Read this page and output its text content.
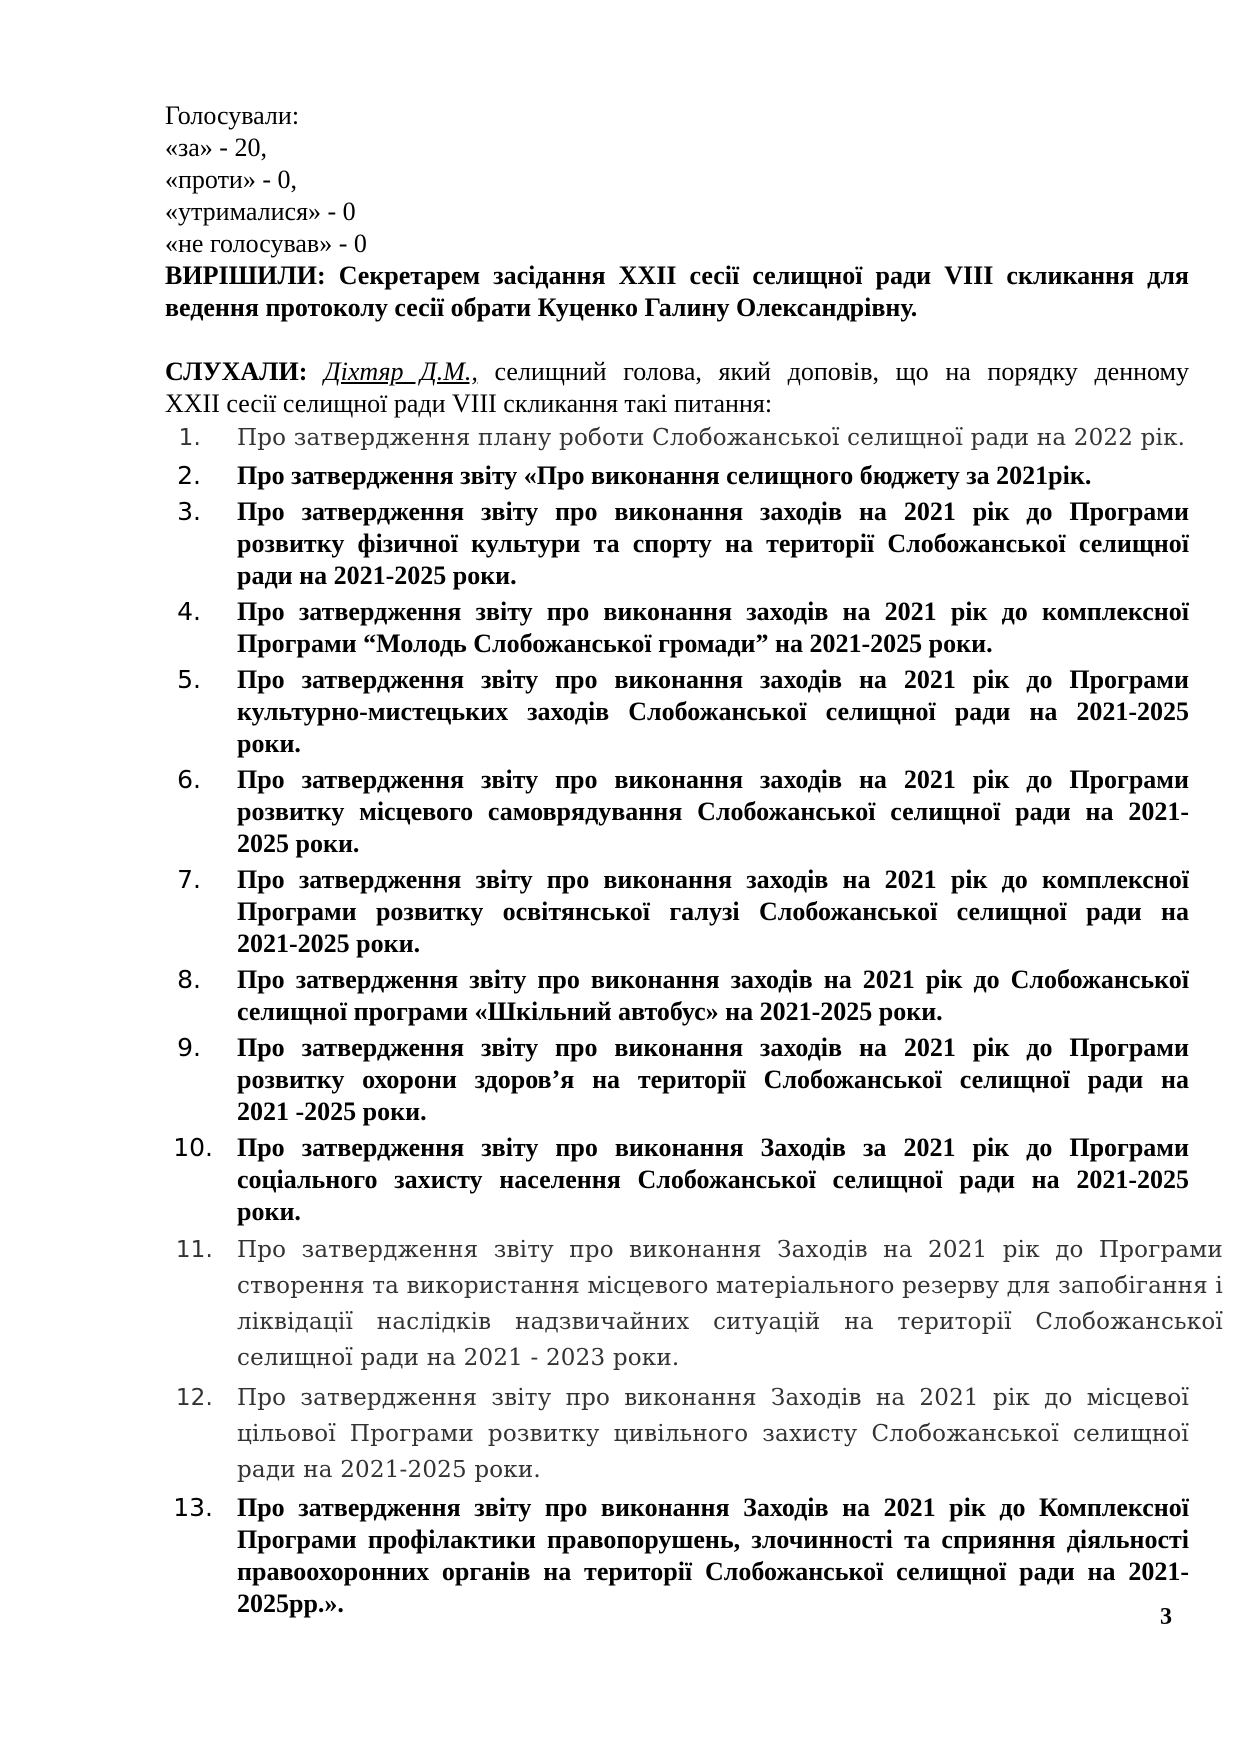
Голосували:
«за» - 20,
«проти» - 0,
«утрималися» - 0
«не голосував» - 0
ВИРІШИЛИ: Секретарем засідання XXII сесії селищної ради VIII скликання для
ведення протоколу сесії обрати Куценко Галину Олександрівну.
СЛУХАЛИ: Діхтяр Д.М., селищний голова, який доповів, що на порядку денному
XXII сесії селищної ради VIII скликання такі питання:
1.	Про затвердження плану роботи Слобожанської селищної ради на 2022 рік.
2.	Про затвердження звіту «Про виконання селищного бюджету за 2021рік.
3.	Про затвердження звіту про виконання заходів на 2021 рік до Програми
розвитку фізичної культури та спорту на території Слобожанської селищної
ради на 2021-2025 роки.
4.	Про затвердження звіту про виконання заходів на 2021 рік до комплексної
Програми “Молодь Слобожанської громади” на 2021-2025 роки.
5.	Про затвердження звіту про виконання заходів на 2021 рік до Програми
культурно-мистецьких заходів Слобожанської селищної ради на 2021-2025
роки.
6.	Про затвердження звіту про виконання заходів на 2021 рік до Програми
розвитку місцевого самоврядування Слобожанської селищної ради на 2021-
2025 роки.
7.	Про затвердження звіту про виконання заходів на 2021 рік до комплексної
Програми розвитку освітянської галузі Слобожанської селищної ради на
2021-2025 роки.
8.	Про затвердження звіту про виконання заходів на 2021 рік до Слобожанської
селищної програми «Шкільний автобус» на 2021-2025 роки.
9.	Про затвердження звіту про виконання заходів на 2021 рік до Програми
розвитку охорони здоров’я на території Слобожанської селищної ради на
2021 -2025 роки.
10. Про затвердження звіту про виконання Заходів за 2021 рік до Програми
соціального захисту населення Слобожанської селищної ради на 2021-2025
роки.
11.	Про затвердження звіту про виконання Заходів на 2021 рік до Програми
створення та використання місцевого матеріального резерву для запобігання і
ліквідації наслідків надзвичайних ситуацій на території Слобожанської
селищної ради на 2021 - 2023 роки.
12.	Про затвердження звіту про виконання Заходів на 2021 рік до місцевої
цільової Програми розвитку цивільного захисту Слобожанської селищної
ради на 2021-2025 роки.
13. Про затвердження звіту про виконання Заходів на 2021 рік до Комплексної
Програми профілактики правопорушень, злочинності та сприяння діяльності
правоохоронних органів на території Слобожанської селищної ради на 2021-
2025рр.».	3
